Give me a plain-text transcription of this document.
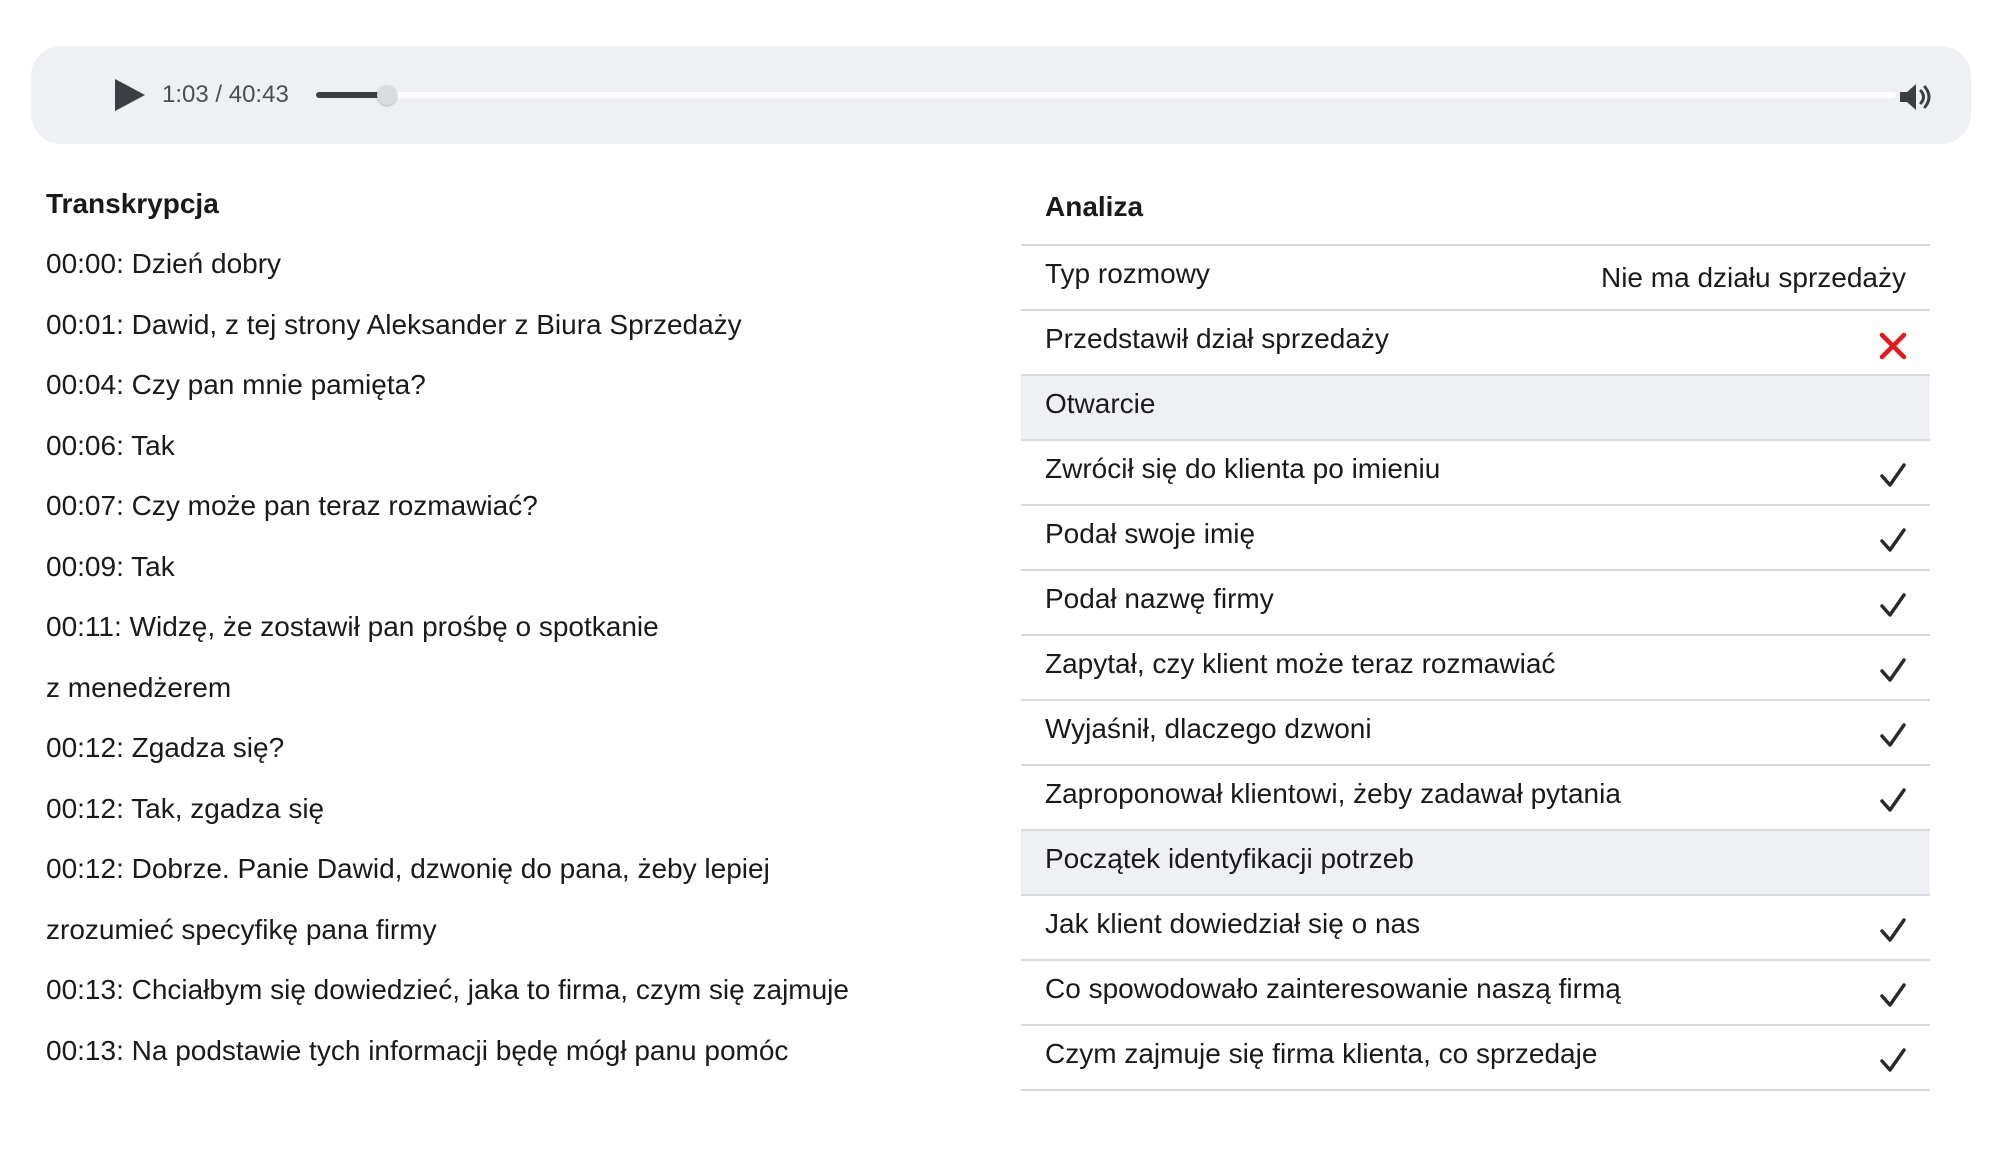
1:03 / 40:43
Transkrypcja
00:00: Dzień dobry
00:01: Dawid, z tej strony Aleksander z Biura Sprzedaży
00:04: Czy pan mnie pamięta?
00:06: Tak
00:07: Czy może pan teraz rozmawiać?
00:09: Tak
00:11: Widzę, że zostawił pan prośbę o spotkanie
z menedżerem
00:12: Zgadza się?
00:12: Tak, zgadza się
00:12: Dobrze. Panie Dawid, dzwonię do pana, żeby lepiej
zrozumieć specyfikę pana firmy
00:13: Chciałbym się dowiedzieć, jaka to firma, czym się zajmuje
00:13: Na podstawie tych informacji będę mógł panu pomóc
Analiza
Typ rozmowy	Nie ma działu sprzedaży
Przedstawił dział sprzedaży
Otwarcie
Zwrócił się do klienta po imieniu
Podał swoje imię
Podał nazwę firmy
Zapytał, czy klient może teraz rozmawiać
Wyjaśnił, dlaczego dzwoni
Zaproponował klientowi, żeby zadawał pytania
Początek identyfikacji potrzeb
Jak klient dowiedział się o nas
Co spowodowało zainteresowanie naszą firmą
Czym zajmuje się firma klienta, co sprzedaje
